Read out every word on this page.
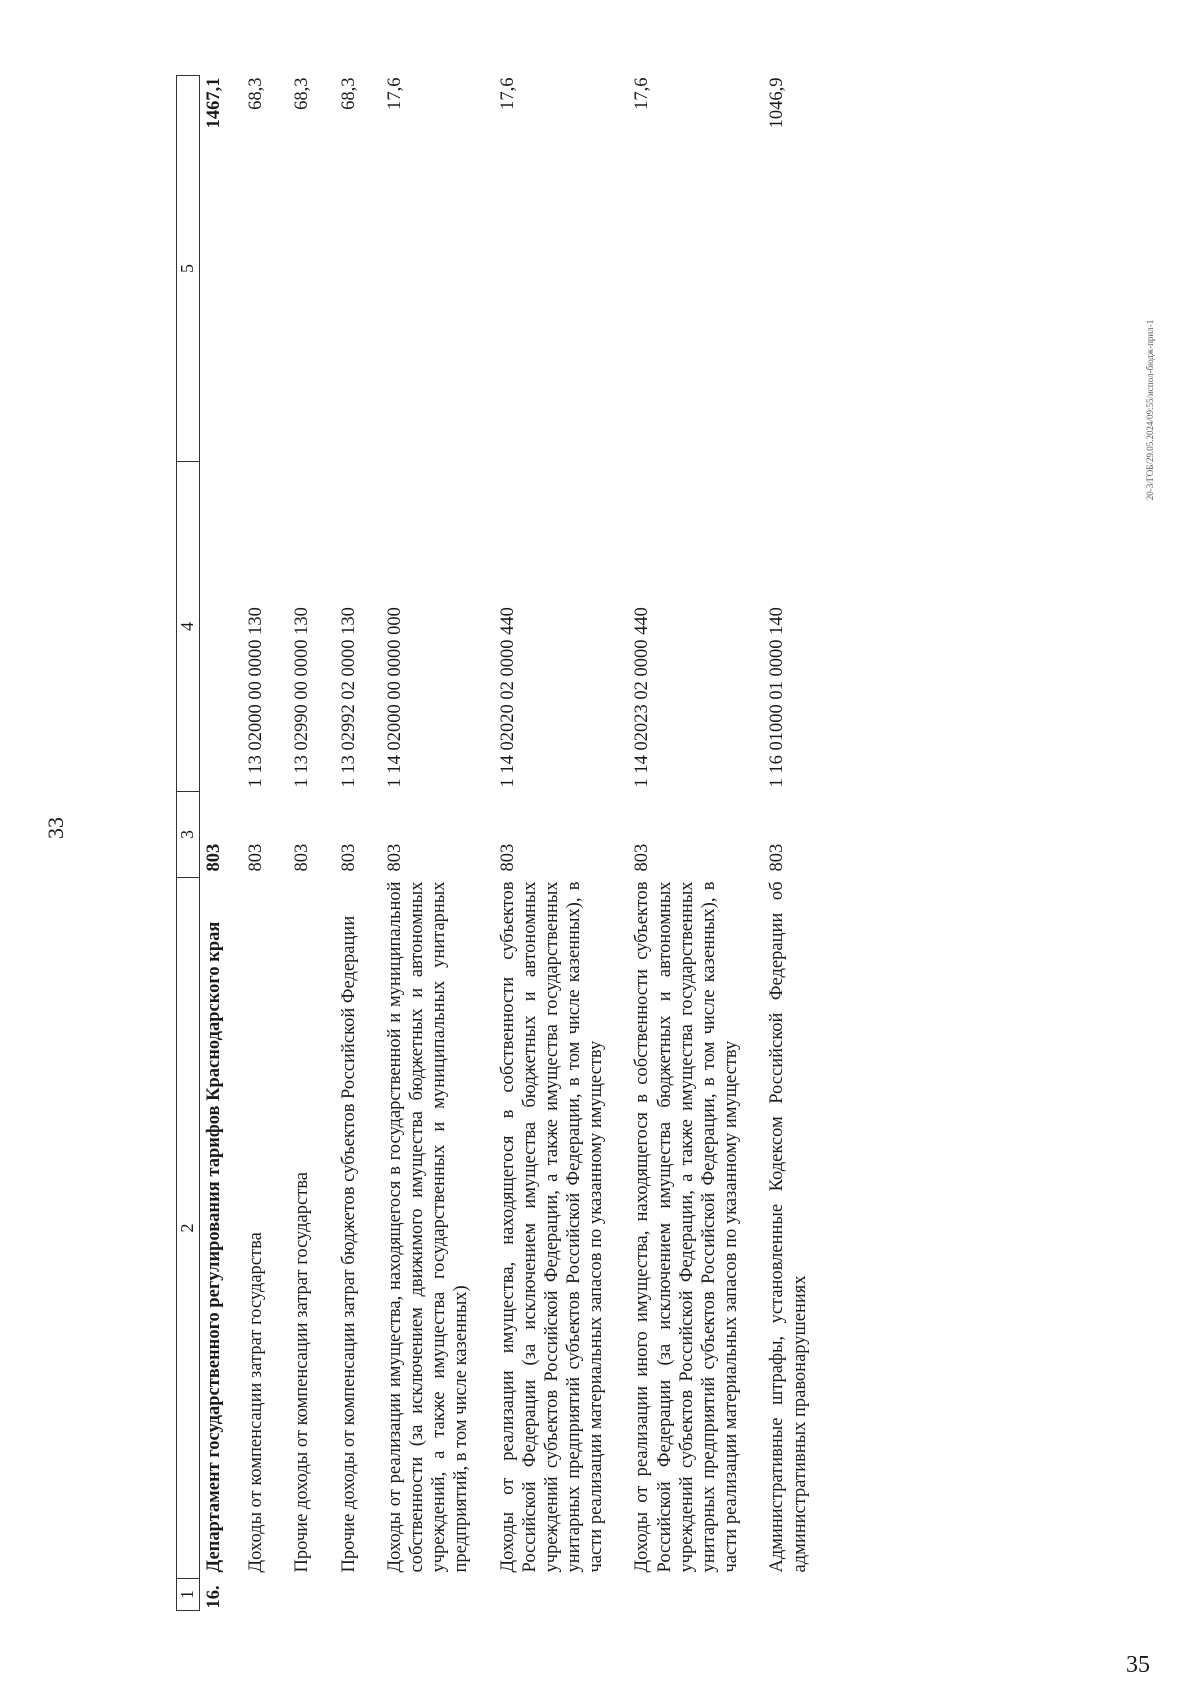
33
1	2	3	4	5
16.	Департамент государственного регулирования тарифов Краснодарского края	803		1467,1
	Доходы от компенсации затрат государства	803	1 13 02000 00 0000 130	68,3
	Прочие доходы от компенсации затрат государства	803	1 13 02990 00 0000 130	68,3
	Прочие доходы от компенсации затрат бюджетов субъектов Российской Федерации	803	1 13 02992 02 0000 130	68,3
	Доходы от реализации имущества, находящегося в государственной и муниципальной собственности (за исключением движимого имущества бюджетных и автономных учреждений, а также имущества государственных и муниципальных унитарных предприятий, в том числе казенных)	803	1 14 02000 00 0000 000	17,6
	Доходы от реализации имущества, находящегося в собственности субъектов Российской Федерации (за исключением имущества бюджетных и автономных учреждений субъектов Российской Федерации, а также имущества государственных унитарных предприятий субъектов Российской Федерации, в том числе казенных), в части реализации материальных запасов по указанному имуществу	803	1 14 02020 02 0000 440	17,6
	Доходы от реализации иного имущества, находящегося в собственности субъектов Российской Федерации (за исключением имущества бюджетных и автономных учреждений субъектов Российской Федерации, а также имущества государственных унитарных предприятий субъектов Российской Федерации, в том числе казенных), в части реализации материальных запасов по указанному имуществу	803	1 14 02023 02 0000 440	17,6
	Административные штрафы, установленные Кодексом Российской Федерации об административных правонарушениях	803	1 16 01000 01 0000 140	1046,9
20-3/ГОБ/29.05.2024/09:55/испол-бюдж-прил-1
35
